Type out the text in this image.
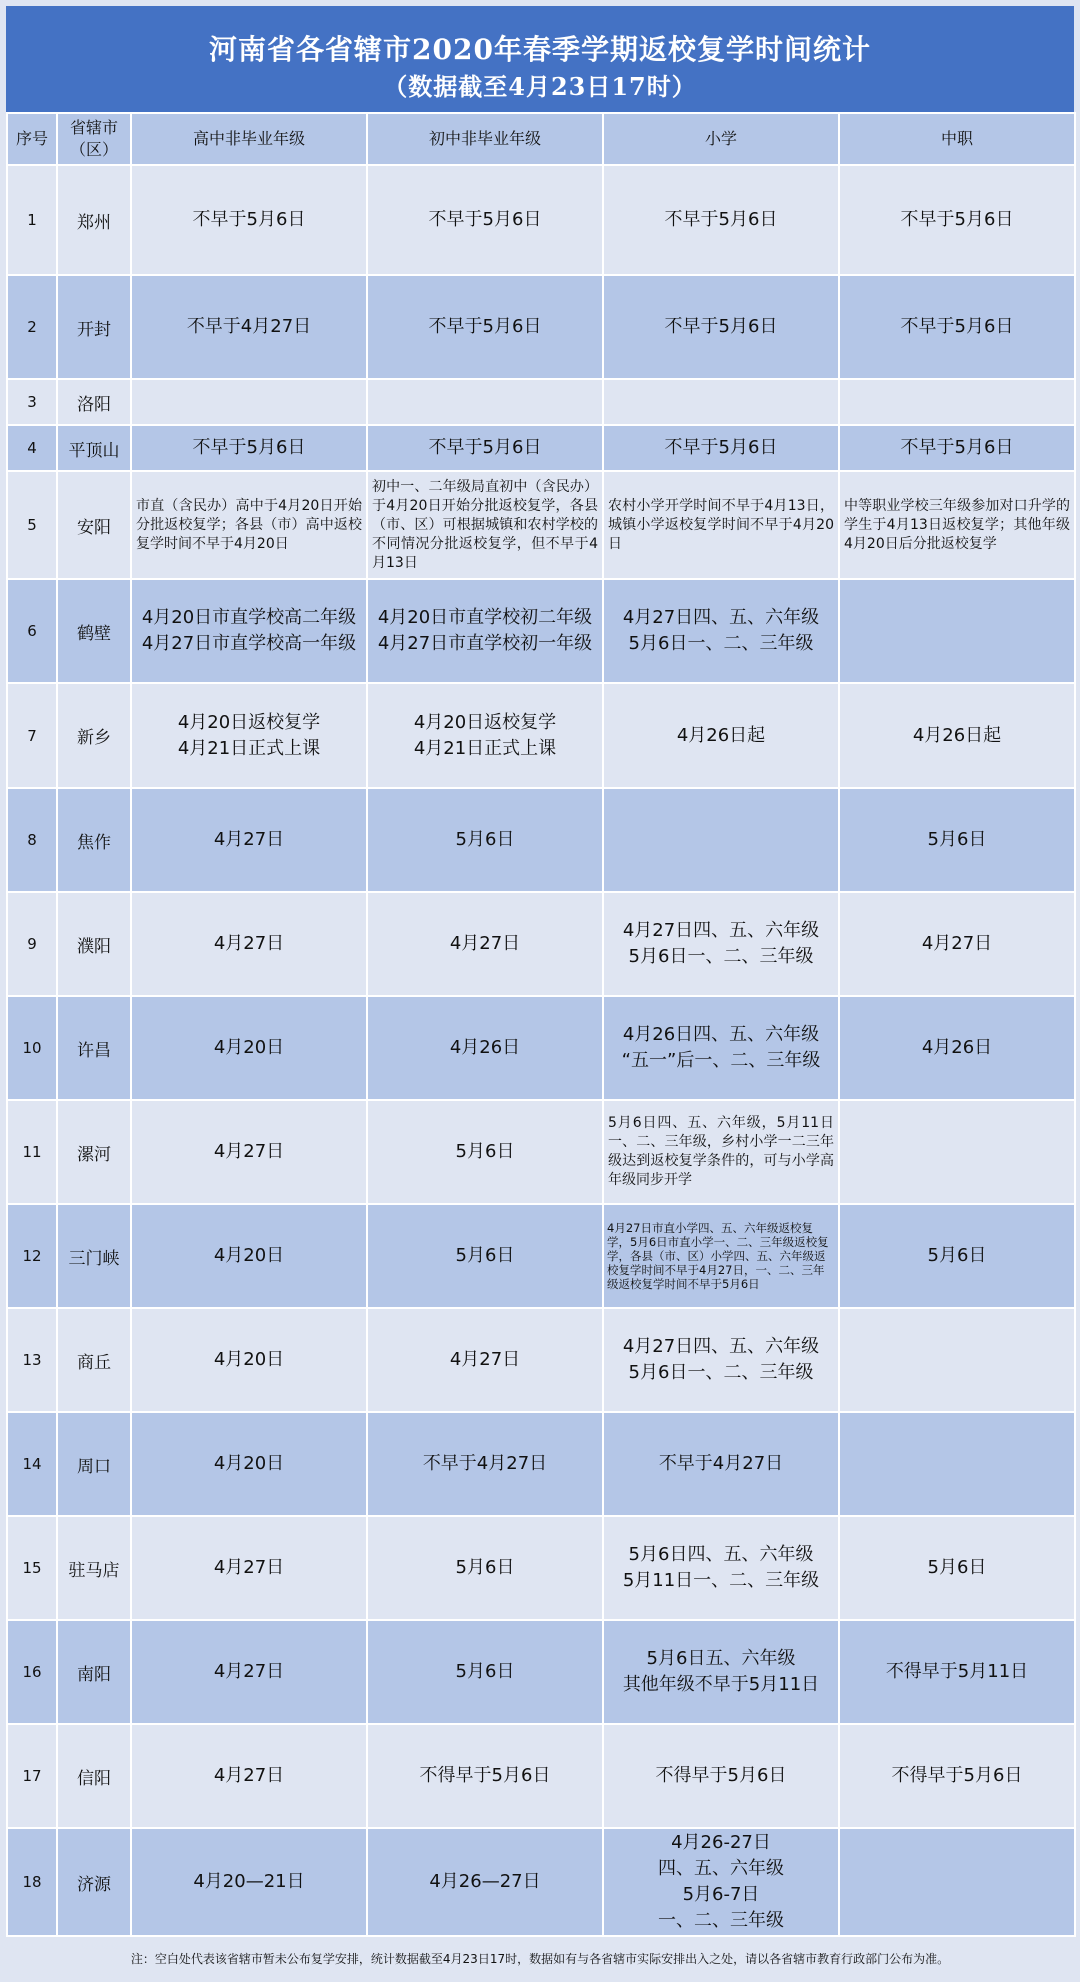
河南省各省辖市2020年春季学期返校复学时间统计
（数据截至4月23日17时）
序号	省辖市（区）	高中非毕业年级	初中非毕业年级	小学	中职
1	郑州	不早于5月6日	不早于5月6日	不早于5月6日	不早于5月6日

2	开封	不早于4月27日	不早于5月6日	不早于5月6日	不早于5月6日

3	洛阳				
4	平顶山	不早于5月6日	不早于5月6日	不早于5月6日	不早于5月6日

5	安阳	市直（含民办）高中于4月20日开始分批返校复学；各县（市）高中返校复学时间不早于4月20日	初中一、二年级局直初中（含民办）于4月20日开始分批返校复学，各县（市、区）可根据城镇和农村学校的不同情况分批返校复学，但不早于4月13日	农村小学开学时间不早于4月13日，城镇小学返校复学时间不早于4月20日	中等职业学校三年级参加对口升学的学生于4月13日返校复学；其他年级4月20日后分批返校复学

6	鹤壁	4月20日市直学校高二年级
4月27日市直学校高一年级	4月20日市直学校初二年级
4月27日市直学校初一年级	4月27日四、五、六年级
5月6日一、二、三年级	

7	新乡	4月20日返校复学
4月21日正式上课	4月20日返校复学
4月21日正式上课	4月26日起	4月26日起

8	焦作	4月27日	5月6日		5月6日

9	濮阳	4月27日	4月27日	4月27日四、五、六年级
5月6日一、二、三年级	4月27日

10	许昌	4月20日	4月26日	4月26日四、五、六年级
“五一”后一、二、三年级	4月26日

11	漯河	4月27日	5月6日	5月6日四、五、六年级，5月11日一、二、三年级，乡村小学一二三年级达到返校复学条件的，可与小学高年级同步开学	

12	三门峡	4月20日	5月6日	4月27日市直小学四、五、六年级返校复学，5月6日市直小学一、二、三年级返校复学，各县（市、区）小学四、五、六年级返校复学时间不早于4月27日，一、二、三年级返校复学时间不早于5月6日	5月6日

13	商丘	4月20日	4月27日	4月27日四、五、六年级
5月6日一、二、三年级	

14	周口	4月20日	不早于4月27日	不早于4月27日	

15	驻马店	4月27日	5月6日	5月6日四、五、六年级
5月11日一、二、三年级	5月6日

16	南阳	4月27日	5月6日	5月6日五、六年级
其他年级不早于5月11日	不得早于5月11日

17	信阳	4月27日	不得早于5月6日	不得早于5月6日	不得早于5月6日

18	济源	4月20—21日	4月26—27日	4月26-27日
四、五、六年级
5月6-7日
一、二、三年级	

注：空白处代表该省辖市暂未公布复学安排，统计数据截至4月23日17时，数据如有与各省辖市实际安排出入之处，请以各省辖市教育行政部门公布为准。
